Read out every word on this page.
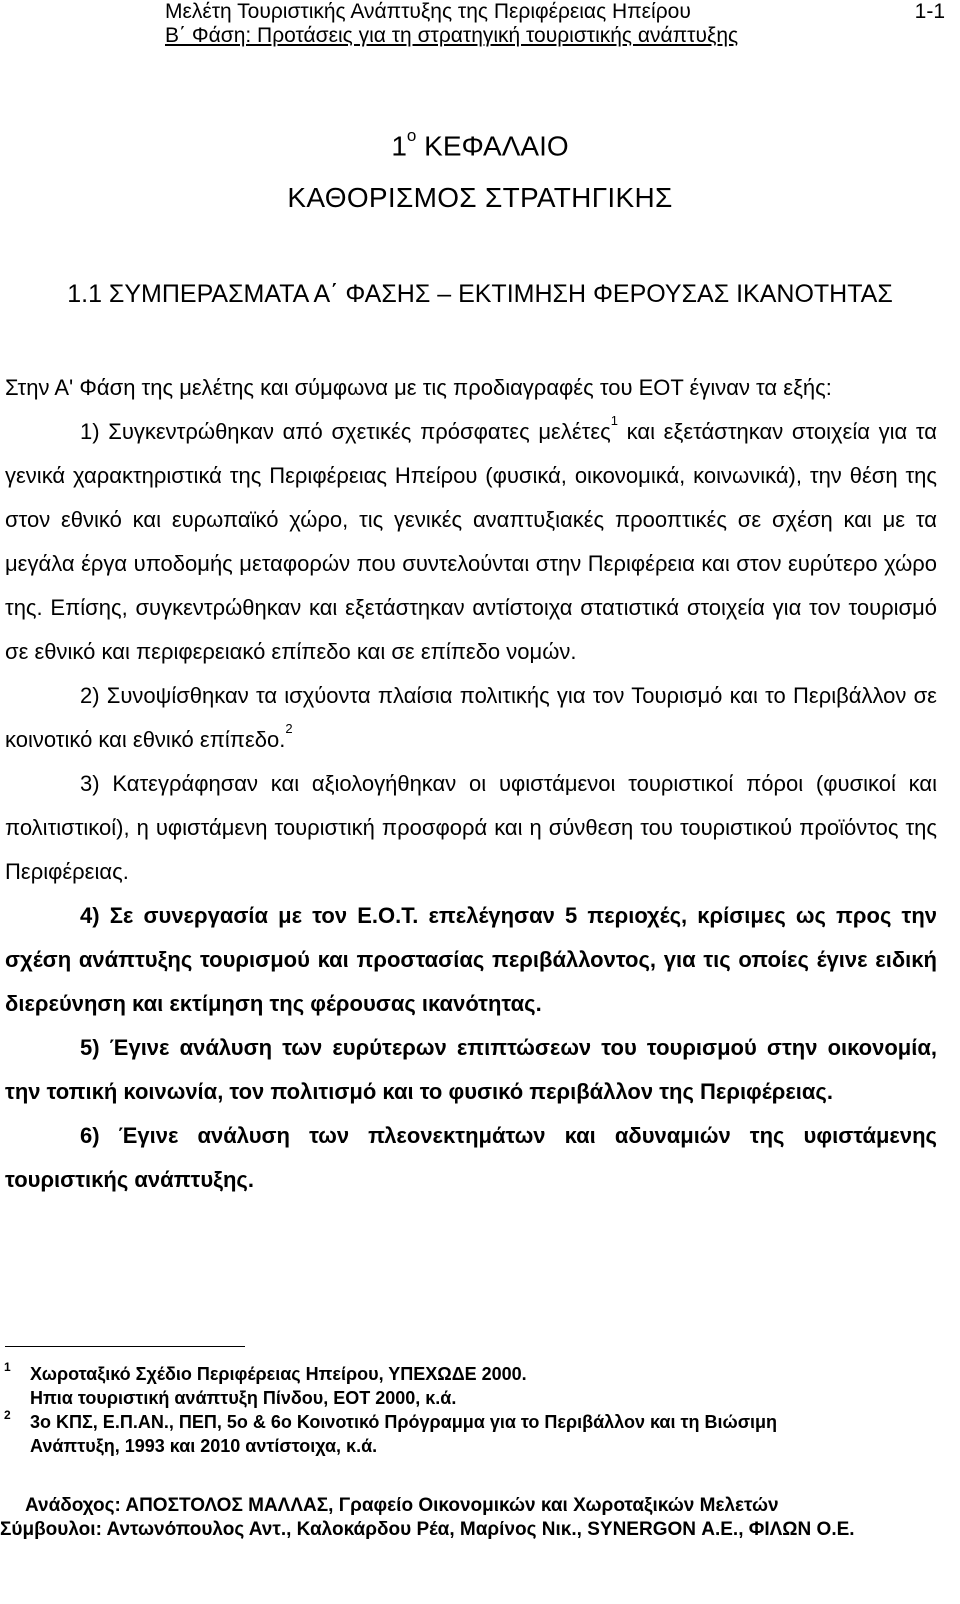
Μελέτη Τουριστικής Ανάπτυξης της Περιφέρειας Ηπείρου	1-1
Β΄ Φάση: Προτάσεις για τη στρατηγική τουριστικής ανάπτυξης
$1^o$ ΚΕΦΑΛΑΙΟ
ΚΑΘΟΡΙΣΜΟΣ ΣΤΡΑΤΗΓΙΚΗΣ
1.1 ΣΥΜΠΕΡΑΣΜΑΤΑ Α΄ ΦΑΣΗΣ – ΕΚΤΙΜΗΣΗ ΦΕΡΟΥΣΑΣ ΙΚΑΝΟΤΗΤΑΣ

Στην Α' Φάση της μελέτης και σύμφωνα με τις προδιαγραφές του ΕΟΤ έγιναν τα εξής:

1) Συγκεντρώθηκαν από σχετικές πρόσφατες μελέτες$^1$ και εξετάστηκαν στοιχεία για τα γενικά χαρακτηριστικά της Περιφέρειας Ηπείρου (φυσικά, οικονομικά, κοινωνικά), την θέση της στον εθνικό και ευρωπαϊκό χώρο, τις γενικές αναπτυξιακές προοπτικές σε σχέση και με τα μεγάλα έργα υποδομής μεταφορών που συντελούνται στην Περιφέρεια και στον ευρύτερο χώρο της. Επίσης, συγκεντρώθηκαν και εξετάστηκαν αντίστοιχα στατιστικά στοιχεία για τον τουρισμό σε εθνικό και περιφερειακό επίπεδο και σε επίπεδο νομών.

2) Συνοψίσθηκαν τα ισχύοντα πλαίσια πολιτικής για τον Τουρισμό και το Περιβάλλον σε κοινοτικό και εθνικό επίπεδο.$^2$

3) Κατεγράφησαν και αξιολογήθηκαν οι υφιστάμενοι τουριστικοί πόροι (φυσικοί και πολιτιστικοί), η υφιστάμενη τουριστική προσφορά και η σύνθεση του τουριστικού προϊόντος της Περιφέρειας.

4) Σε συνεργασία με τον Ε.Ο.Τ. επελέγησαν 5 περιοχές, κρίσιμες ως προς την σχέση ανάπτυξης τουρισμού και προστασίας περιβάλλοντος, για τις οποίες έγινε ειδική διερεύνηση και εκτίμηση της φέρουσας ικανότητας.

5) Έγινε ανάλυση των ευρύτερων επιπτώσεων του τουρισμού στην οικονομία, την τοπική κοινωνία, τον πολιτισμό και το φυσικό περιβάλλον της Περιφέρειας.

6) Έγινε ανάλυση των πλεονεκτημάτων και αδυναμιών της υφιστάμενης τουριστικής ανάπτυξης.

1 Χωροταξικό Σχέδιο Περιφέρειας Ηπείρου, ΥΠΕΧΩΔΕ 2000.
Ηπια τουριστική ανάπτυξη Πίνδου, ΕΟΤ 2000, κ.ά.
2 3ο ΚΠΣ, Ε.Π.ΑΝ., ΠΕΠ, 5ο & 6ο Κοινοτικό Πρόγραμμα για το Περιβάλλον και τη Βιώσιμη
Ανάπτυξη, 1993 και 2010 αντίστοιχα, κ.ά.
Ανάδοχος: ΑΠΟΣΤΟΛΟΣ ΜΑΛΛΑΣ, Γραφείο Οικονομικών και Χωροταξικών Μελετών
Σύμβουλοι: Αντωνόπουλος Αντ., Καλοκάρδου Ρέα, Μαρίνος Νικ., SYNERGON Α.Ε., ΦΙΛΩΝ Ο.Ε.
